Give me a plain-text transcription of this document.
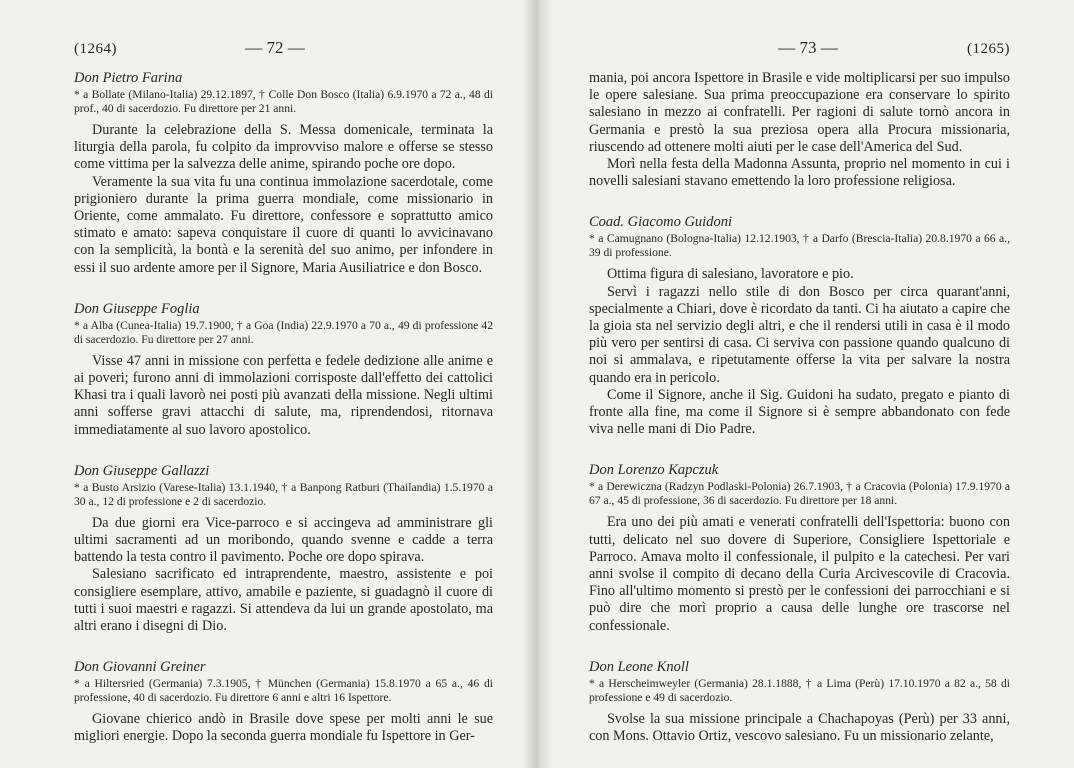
(1264)	— 72 —

Don Pietro Farina

* a Bollate (Milano-Italia) 29.12.1897, † Colle Don Bosco (Italia) 6.9.1970 a 72 a., 48 di prof., 40 di sacerdozio. Fu direttore per 21 anni.

Durante la celebrazione della S. Messa domenicale, terminata la liturgia della parola, fu colpito da improvviso malore e offerse se stesso come vittima per la salvezza delle anime, spirando poche ore dopo.

Veramente la sua vita fu una continua immolazione sacerdotale, come prigioniero durante la prima guerra mondiale, come missionario in Oriente, come ammalato. Fu direttore, confessore e soprattutto amico stimato e amato: sapeva conquistare il cuore di quanti lo avvicinavano con la semplicità, la bontà e la serenità del suo animo, per infondere in essi il suo ardente amore per il Signore, Maria Ausiliatrice e don Bosco.

Don Giuseppe Foglia

* a Alba (Cunea-Italia) 19.7.1900, † a Goa (India) 22.9.1970 a 70 a., 49 di professione 42 di sacerdozio. Fu direttore per 27 anni.

Visse 47 anni in missione con perfetta e fedele dedizione alle anime e ai poveri; furono anni di immolazioni corrisposte dall'effetto dei cattolici Khasi tra i quali lavorò nei posti più avanzati della missione. Negli ultimi anni sofferse gravi attacchi di salute, ma, riprendendosi, ritornava immediatamente al suo lavoro apostolico.

Don Giuseppe Gallazzi

* a Busto Arsizio (Varese-Italia) 13.1.1940, † a Banpong Ratburi (Thailandia) 1.5.1970 a 30 a., 12 di professione e 2 di sacerdozio.

Da due giorni era Vice-parroco e si accingeva ad amministrare gli ultimi sacramenti ad un moribondo, quando svenne e cadde a terra battendo la testa contro il pavimento. Poche ore dopo spirava.

Salesiano sacrificato ed intraprendente, maestro, assistente e poi consigliere esemplare, attivo, amabile e paziente, si guadagnò il cuore di tutti i suoi maestri e ragazzi. Si attendeva da lui un grande apostolato, ma altri erano i disegni di Dio.

Don Giovanni Greiner

* a Hiltersried (Germania) 7.3.1905, † München (Germania) 15.8.1970 a 65 a., 46 di professione, 40 di sacerdozio. Fu direttore 6 anni e altri 16 Ispettore.

Giovane chierico andò in Brasile dove spese per molti anni le sue migliori energie. Dopo la seconda guerra mondiale fu Ispettore in Ger-

— 73 —	(1265)

mania, poi ancora Ispettore in Brasile e vide moltiplicarsi per suo impulso le opere salesiane. Sua prima preoccupazione era conservare lo spirito salesiano in mezzo ai confratelli. Per ragioni di salute tornò ancora in Germania e prestò la sua preziosa opera alla Procura missionaria, riuscendo ad ottenere molti aiuti per le case dell'America del Sud.

Morì nella festa della Madonna Assunta, proprio nel momento in cui i novelli salesiani stavano emettendo la loro professione religiosa.

Coad. Giacomo Guidoni

* a Camugnano (Bologna-Italia) 12.12.1903, † a Darfo (Brescia-Italia) 20.8.1970 a 66 a., 39 di professione.

Ottima figura di salesiano, lavoratore e pio.

Servì i ragazzi nello stile di don Bosco per circa quarant'anni, specialmente a Chiari, dove è ricordato da tanti. Ci ha aiutato a capire che la gioia sta nel servizio degli altri, e che il rendersi utili in casa è il modo più vero per sentirsi di casa. Ci serviva con passione quando qualcuno di noi si ammalava, e ripetutamente offerse la vita per salvare la nostra quando era in pericolo.

Come il Signore, anche il Sig. Guidoni ha sudato, pregato e pianto di fronte alla fine, ma come il Signore si è sempre abbandonato con fede viva nelle mani di Dio Padre.

Don Lorenzo Kapczuk

* a Derewiczna (Radzyn Podlaski-Polonia) 26.7.1903, † a Cracovia (Polonia) 17.9.1970 a 67 a., 45 di professione, 36 di sacerdozio. Fu direttore per 18 anni.

Era uno dei più amati e venerati confratelli dell'Ispettoria: buono con tutti, delicato nel suo dovere di Superiore, Consigliere Ispettoriale e Parroco. Amava molto il confessionale, il pulpito e la catechesi. Per vari anni svolse il compito di decano della Curia Arcivescovile di Cracovia. Fino all'ultimo momento si prestò per le confessioni dei parrocchiani e si può dire che morì proprio a causa delle lunghe ore trascorse nel confessionale.

Don Leone Knoll

* a Herscheimweyler (Germania) 28.1.1888, † a Lima (Perù) 17.10.1970 a 82 a., 58 di professione e 49 di sacerdozio.

Svolse la sua missione principale a Chachapoyas (Perù) per 33 anni, con Mons. Ottavio Ortiz, vescovo salesiano. Fu un missionario zelante,
